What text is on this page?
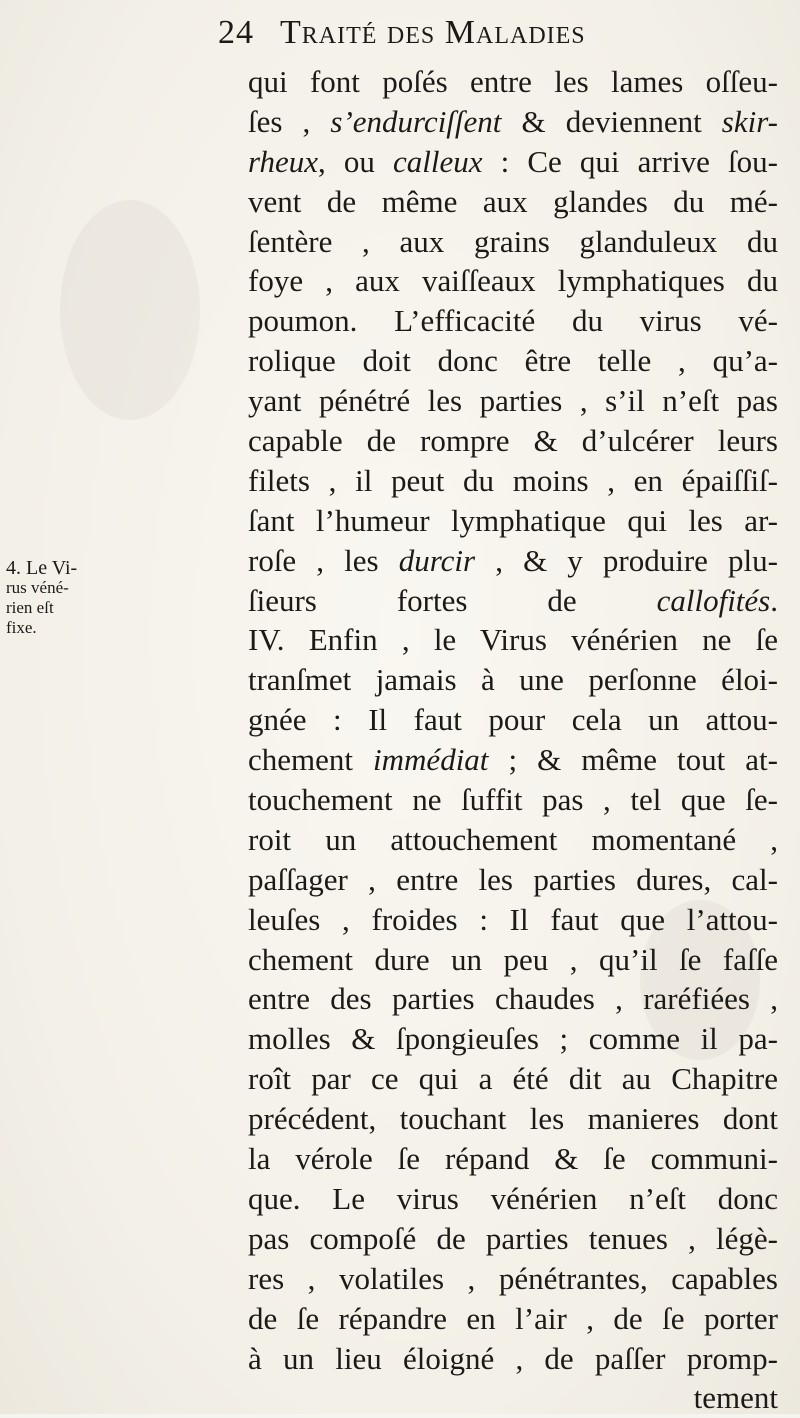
24 Traité des Maladies
4. Le Vi-
rus véné-
rien eſt
fixe.
qui font poſés entre les lames oſſeu-
ſes , s’endurciſſent & deviennent skir-
rheux, ou calleux : Ce qui arrive ſou-
vent de même aux glandes du mé-
ſentère , aux grains glanduleux du
foye , aux vaiſſeaux lymphatiques du
poumon. L’efficacité du virus vé-
rolique doit donc être telle , qu’a-
yant pénétré les parties , s’il n’eſt pas
capable de rompre & d’ulcérer leurs
filets , il peut du moins , en épaiſſiſ-
ſant l’humeur lymphatique qui les ar-
roſe , les durcir , & y produire plu-
ſieurs fortes de callofités.
IV. Enfin , le Virus vénérien ne ſe
tranſmet jamais à une perſonne éloi-
gnée : Il faut pour cela un attou-
chement immédiat ; & même tout at-
touchement ne ſuffit pas , tel que ſe-
roit un attouchement momentané ,
paſſager , entre les parties dures, cal-
leuſes , froides : Il faut que l’attou-
chement dure un peu , qu’il ſe faſſe
entre des parties chaudes , raréfiées ,
molles & ſpongieuſes ; comme il pa-
roît par ce qui a été dit au Chapitre
précédent, touchant les manieres dont
la vérole ſe répand & ſe communi-
que. Le virus vénérien n’eſt donc
pas compoſé de parties tenues , légè-
res , volatiles , pénétrantes, capables
de ſe répandre en l’air , de ſe porter
à un lieu éloigné , de paſſer promp-
tement
